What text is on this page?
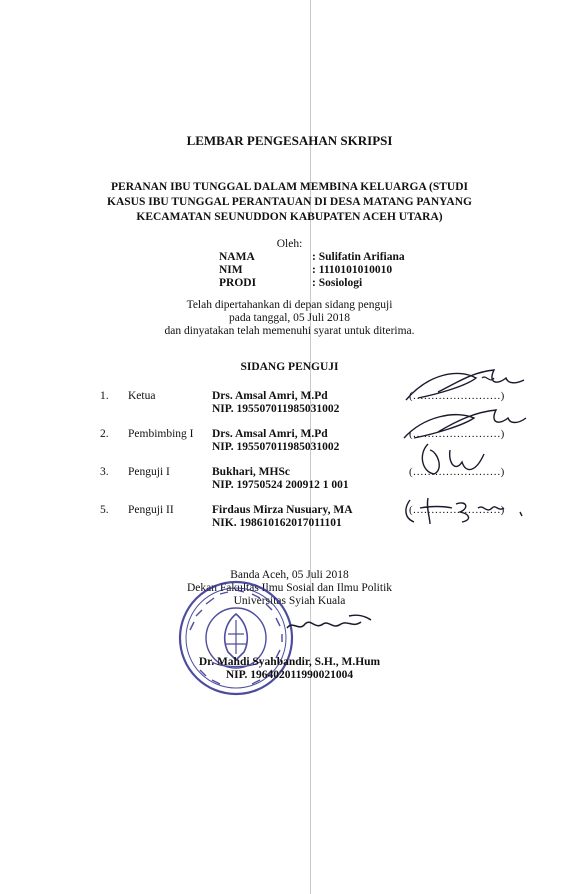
LEMBAR PENGESAHAN SKRIPSI
PERANAN IBU TUNGGAL DALAM MEMBINA KELUARGA (STUDI
KASUS IBU TUNGGAL PERANTAUAN DI DESA MATANG PANYANG
KECAMATAN SEUNUDDON KABUPATEN ACEH UTARA)
Oleh:
NAMA	: Sulifatin Arifiana
NIM	: 1110101010010
PRODI	: Sosiologi
Telah dipertahankan di depan sidang penguji
pada tanggal, 05 Juli 2018
dan dinyatakan telah memenuhi syarat untuk diterima.
SIDANG PENGUJI
1. Ketua	Drs. Amsal Amri, M.Pd
NIP. 195507011985031002
(……………………)
2. Pembimbing I Drs. Amsal Amri, M.Pd
NIP. 195507011985031002
(……………………)
3. Penguji I	Bukhari, MHSc
NIP. 19750524 200912 1 001
(……………………)
5. Penguji II	Firdaus Mirza Nusuary, MA
NIK. 198610162017011101
(……………………)
Banda Aceh, 05 Juli 2018
Dekan Fakultas Ilmu Sosial dan Ilmu Politik
Universitas Syiah Kuala
Dr. Mahdi Syahbandir, S.H., M.Hum
NIP. 196402011990021004
